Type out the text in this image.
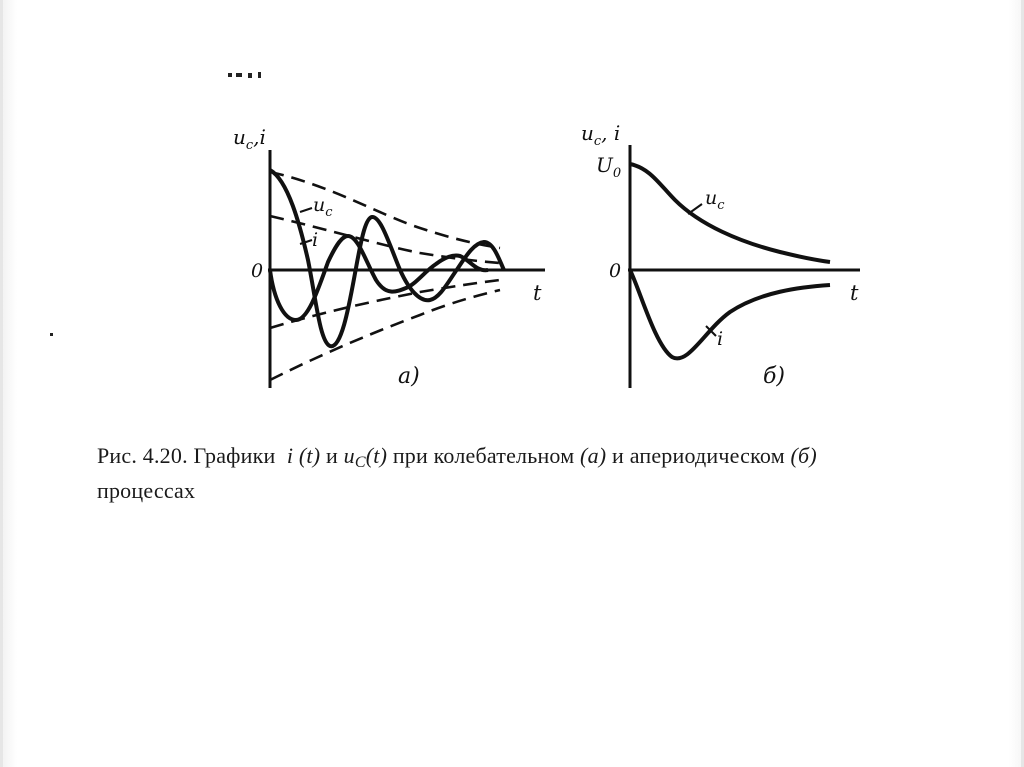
$u_c,i$
0
t
$u_c$
i
a)
$u_c$, i
$U_0$
0
t
$u_c$
i
б)
Рис. 4.20. Графики i (t) и $u_C(t)$ при колебательном (а) и апериодическом (б)
процессах
